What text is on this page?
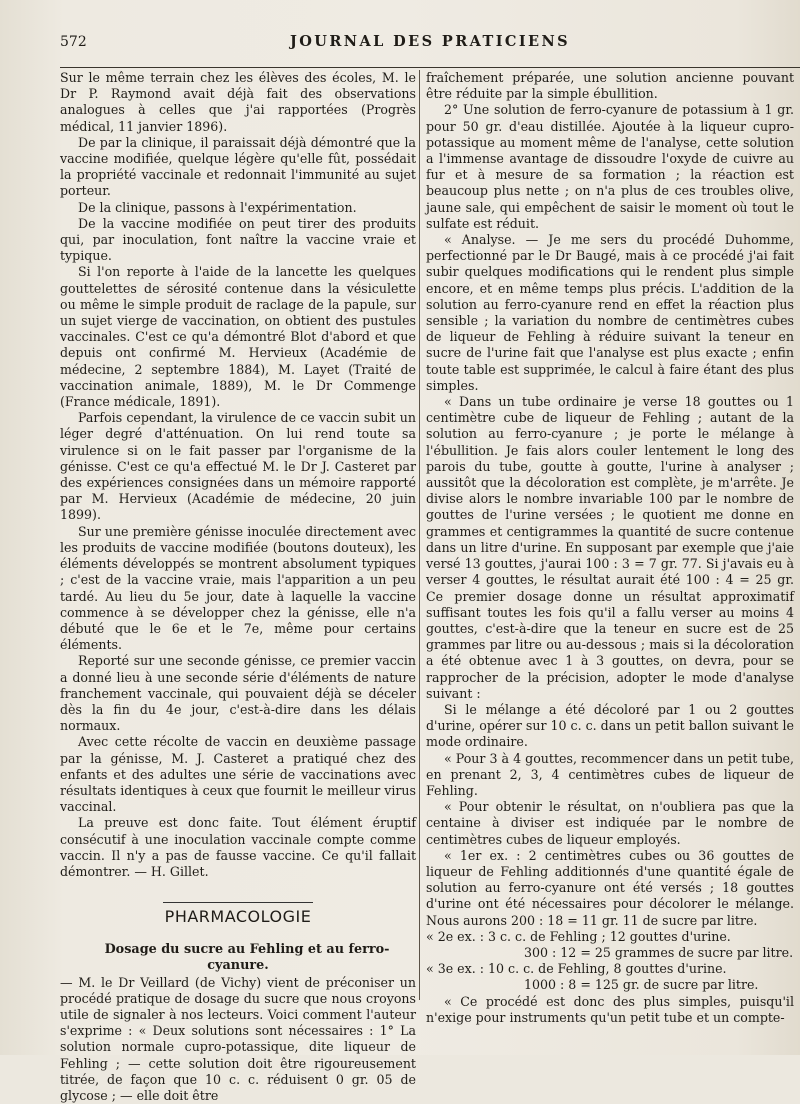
572	JOURNAL DES PRATICIENS

Sur le même terrain chez les élèves des écoles, M. le Dr P. Raymond avait déjà fait des observations analogues à celles que j'ai rapportées (Progrès médical, 11 janvier 1896).

De par la clinique, il paraissait déjà démontré que la vaccine modifiée, quelque légère qu'elle fût, possédait la propriété vaccinale et redonnait l'immunité au sujet porteur.

De la clinique, passons à l'expérimentation.

De la vaccine modifiée on peut tirer des produits qui, par inoculation, font naître la vaccine vraie et typique.

Si l'on reporte à l'aide de la lancette les quelques gouttelettes de sérosité contenue dans la vésiculette ou même le simple produit de raclage de la papule, sur un sujet vierge de vaccination, on obtient des pustules vaccinales. C'est ce qu'a démontré Blot d'abord et que depuis ont confirmé M. Hervieux (Académie de médecine, 2 septembre 1884), M. Layet (Traité de vaccination animale, 1889), M. le Dr Commenge (France médicale, 1891).

Parfois cependant, la virulence de ce vaccin subit un léger degré d'atténuation. On lui rend toute sa virulence si on le fait passer par l'organisme de la génisse. C'est ce qu'a effectué M. le Dr J. Casteret par des expériences consignées dans un mémoire rapporté par M. Hervieux (Académie de médecine, 20 juin 1899).

Sur une première génisse inoculée directement avec les produits de vaccine modifiée (boutons douteux), les éléments développés se montrent absolument typiques ; c'est de la vaccine vraie, mais l'apparition a un peu tardé. Au lieu du 5e jour, date à laquelle la vaccine commence à se développer chez la génisse, elle n'a débuté que le 6e et le 7e, même pour certains éléments.

Reporté sur une seconde génisse, ce premier vaccin a donné lieu à une seconde série d'éléments de nature franchement vaccinale, qui pouvaient déjà se déceler dès la fin du 4e jour, c'est-à-dire dans les délais normaux.

Avec cette récolte de vaccin en deuxième passage par la génisse, M. J. Casteret a pratiqué chez des enfants et des adultes une série de vaccinations avec résultats identiques à ceux que fournit le meilleur virus vaccinal.

La preuve est donc faite. Tout élément éruptif consécutif à une inoculation vaccinale compte comme vaccin. Il n'y a pas de fausse vaccine. Ce qu'il fallait démontrer. — H. Gillet.

PHARMACOLOGIE

Dosage du sucre au Fehling et au ferro-cyanure.

— M. le Dr Veillard (de Vichy) vient de préconiser un procédé pratique de dosage du sucre que nous croyons utile de signaler à nos lecteurs. Voici comment l'auteur s'exprime : « Deux solutions sont nécessaires : 1° La solution normale cupro-potassique, dite liqueur de Fehling ; — cette solution doit être rigoureusement titrée, de façon que 10 c. c. réduisent 0 gr. 05 de glycose ; — elle doit être

fraîchement préparée, une solution ancienne pouvant être réduite par la simple ébullition.

2° Une solution de ferro-cyanure de potassium à 1 gr. pour 50 gr. d'eau distillée. Ajoutée à la liqueur cupro-potassique au moment même de l'analyse, cette solution a l'immense avantage de dissoudre l'oxyde de cuivre au fur et à mesure de sa formation ; la réaction est beaucoup plus nette ; on n'a plus de ces troubles olive, jaune sale, qui empêchent de saisir le moment où tout le sulfate est réduit.

« Analyse. — Je me sers du procédé Duhomme, perfectionné par le Dr Baugé, mais à ce procédé j'ai fait subir quelques modifications qui le rendent plus simple encore, et en même temps plus précis. L'addition de la solution au ferro-cyanure rend en effet la réaction plus sensible ; la variation du nombre de centimètres cubes de liqueur de Fehling à réduire suivant la teneur en sucre de l'urine fait que l'analyse est plus exacte ; enfin toute table est supprimée, le calcul à faire étant des plus simples.

« Dans un tube ordinaire je verse 18 gouttes ou 1 centimètre cube de liqueur de Fehling ; autant de la solution au ferro-cyanure ; je porte le mélange à l'ébullition. Je fais alors couler lentement le long des parois du tube, goutte à goutte, l'urine à analyser ; aussitôt que la décoloration est complète, je m'arrête. Je divise alors le nombre invariable 100 par le nombre de gouttes de l'urine versées ; le quotient me donne en grammes et centigrammes la quantité de sucre contenue dans un litre d'urine. En supposant par exemple que j'aie versé 13 gouttes, j'aurai 100 : 3 = 7 gr. 77. Si j'avais eu à verser 4 gouttes, le résultat aurait été 100 : 4 = 25 gr. Ce premier dosage donne un résultat approximatif suffisant toutes les fois qu'il a fallu verser au moins 4 gouttes, c'est-à-dire que la teneur en sucre est de 25 grammes par litre ou au-dessous ; mais si la décoloration a été obtenue avec 1 à 3 gouttes, on devra, pour se rapprocher de la précision, adopter le mode d'analyse suivant :

Si le mélange a été décoloré par 1 ou 2 gouttes d'urine, opérer sur 10 c. c. dans un petit ballon suivant le mode ordinaire.

« Pour 3 à 4 gouttes, recommencer dans un petit tube, en prenant 2, 3, 4 centimètres cubes de liqueur de Fehling.

« Pour obtenir le résultat, on n'oubliera pas que la centaine à diviser est indiquée par le nombre de centimètres cubes de liqueur employés.

« 1er ex. : 2 centimètres cubes ou 36 gouttes de liqueur de Fehling additionnés d'une quantité égale de solution au ferro-cyanure ont été versés ; 18 gouttes d'urine ont été nécessaires pour décolorer le mélange. Nous aurons 200 : 18 = 11 gr. 11 de sucre par litre.

« 2e ex. : 3 c. c. de Fehling ; 12 gouttes d'urine.

300 : 12 = 25 grammes de sucre par litre.

« 3e ex. : 10 c. c. de Fehling, 8 gouttes d'urine.

1000 : 8 = 125 gr. de sucre par litre.

« Ce procédé est donc des plus simples, puisqu'il n'exige pour instruments qu'un petit tube et un compte-
